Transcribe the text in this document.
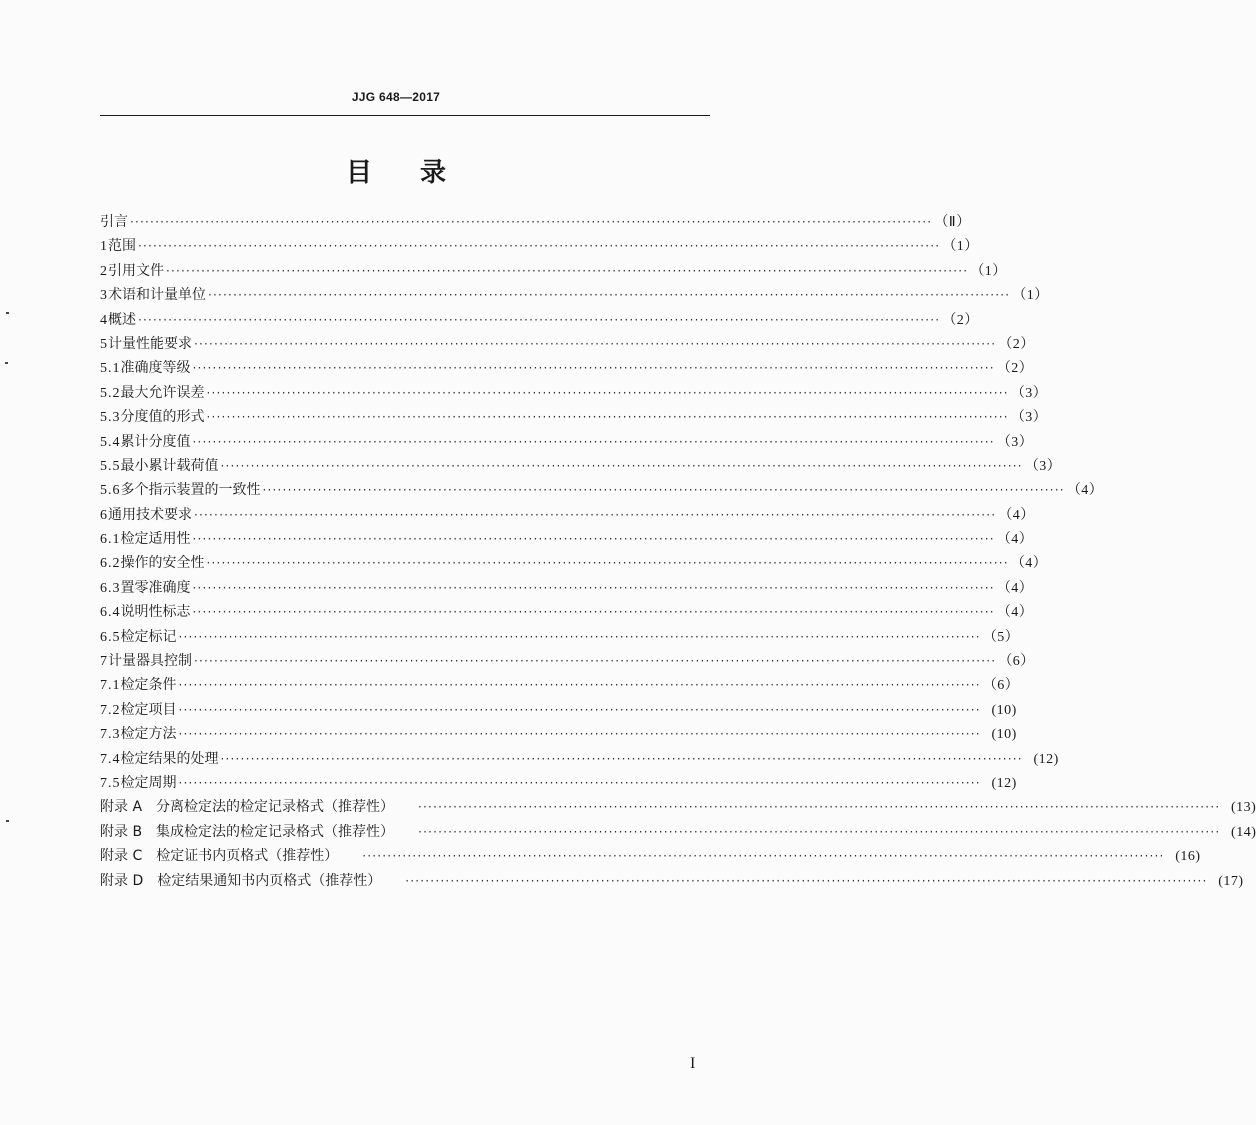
JJG 648—2017
目 录
引言 ································································································································································ （Ⅱ）
1 范围 ································································································································································ （1）
2 引用文件 ································································································································································ （1）
3 术语和计量单位 ································································································································································ （1）
4 概述 ································································································································································ （2）
5 计量性能要求 ································································································································································ （2）
5.1 准确度等级 ································································································································································ （2）
5.2 最大允许误差 ································································································································································ （3）
5.3 分度值的形式 ································································································································································ （3）
5.4 累计分度值 ································································································································································ （3）
5.5 最小累计载荷值 ································································································································································ （3）
5.6 多个指示装置的一致性 ································································································································································ （4）
6 通用技术要求 ································································································································································ （4）
6.1 检定适用性 ································································································································································ （4）
6.2 操作的安全性 ································································································································································ （4）
6.3 置零准确度 ································································································································································ （4）
6.4 说明性标志 ································································································································································ （4）
6.5 检定标记 ································································································································································ （5）
7 计量器具控制 ································································································································································ （6）
7.1 检定条件 ································································································································································ （6）
7.2 检定项目 ································································································································································ (10)
7.3 检定方法 ································································································································································ (10)
7.4 检定结果的处理 ································································································································································ (12)
7.5 检定周期 ································································································································································ (12)
附录 A　分离检定法的检定记录格式（推荐性） ································································································································································ (13)
附录 B　集成检定法的检定记录格式（推荐性） ································································································································································ (14)
附录 C　检定证书内页格式（推荐性） ································································································································································ (16)
附录 D　检定结果通知书内页格式（推荐性） ································································································································································ (17)
I
